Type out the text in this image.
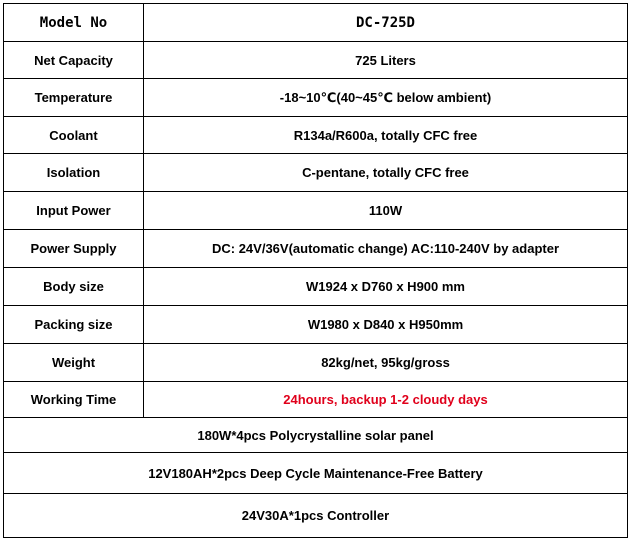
Model No	DC-725D
Net Capacity	725 Liters
Temperature	-18~10℃(40~45℃ below ambient)
Coolant	R134a/R600a, totally CFC free
Isolation	C-pentane, totally CFC free
Input Power	110W
Power Supply	DC: 24V/36V(automatic change) AC:110-240V by adapter
Body size	W1924 x D760 x H900 mm
Packing size	W1980 x D840 x H950mm
Weight	82kg/net, 95kg/gross
Working Time	24hours, backup 1-2 cloudy days
180W*4pcs Polycrystalline solar panel	
12V180AH*2pcs Deep Cycle Maintenance-Free Battery	
24V30A*1pcs Controller	
